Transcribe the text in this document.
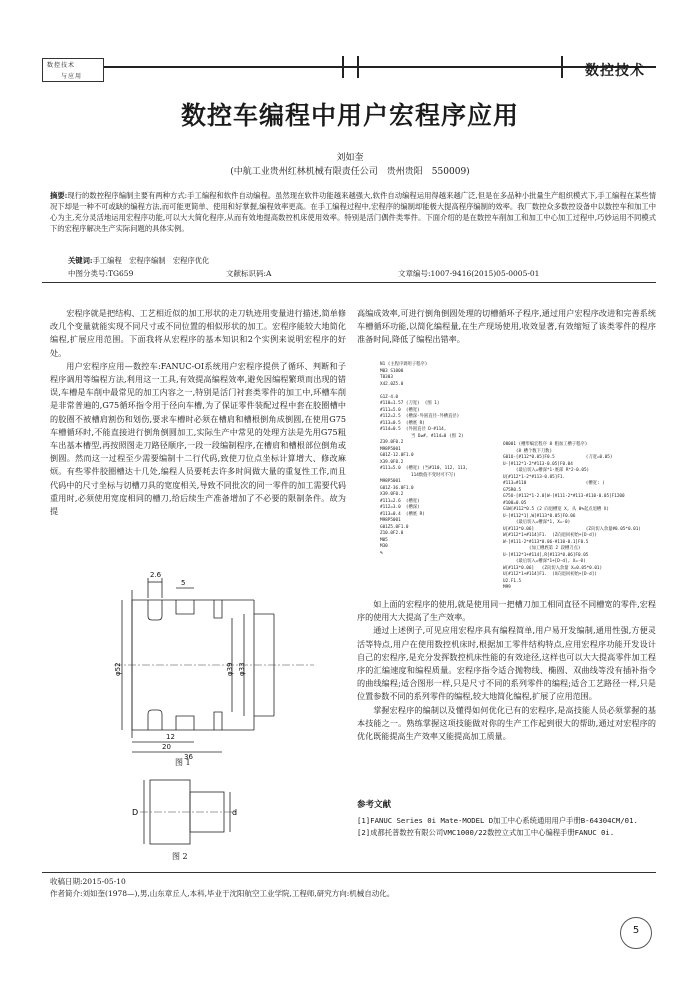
数控技术
与应用	数控技术
数控车编程中用户宏程序应用
刘如奎
(中航工业贵州红林机械有限责任公司　贵州贵阳　550009)
摘要:现行的数控程序编制主要有两种方式:手工编程和软件自动编程。虽然现在软件功能越来越强大,软件自动编程运用得越来越广泛,但是在多品种小批量生产组织模式下,手工编程在某些情况下却是一种不可或缺的编程方法,而可能更简单、使用和好掌握,编程效率更高。在手工编程过程中,宏程序的编制却能极大提高程序编制的效率。我厂数控众多数控设备中以数控车和加工中心为主,充分灵活地运用宏程序功能,可以大大简化程序,从而有效地提高数控机床使用效率。特别是活门偶件类零件。下面介绍的是在数控车削加工和加工中心加工过程中,巧妙运用不同模式下的宏程序解决生产实际问题的具体实例。
关键词:手工编程　宏程序编制　宏程序优化
中图分类号:TG659	文献标识码:A	文章编号:1007-9416(2015)05-0005-01

宏程序就是把结构、工艺相近似的加工形状的走刀轨迹用变量进行描述,简单修改几个变量就能实现不同尺寸或不同位置的相似形状的加工。宏程序能较大地简化编程,扩展应用范围。下面我将从宏程序的基本知识和2个实例来说明宏程序的好处。

用户宏程序应用—数控车:FANUC-OI系统用户宏程序提供了循环、判断和子程序调用等编程方法,利用这一工具,有效提高编程效率,避免因编程繁琐而出现的错误,车槽是车削中最常见的加工内容之一,特别是活门衬套类零件的加工中,环槽车削是非常普遍的,G75循环指令用于径向车槽,为了保证零件装配过程中套在胶圈槽中的胶圈不被槽肩割伤和划伤,要求车槽时必须在槽肩和槽根倒角成倒圆,在使用G75车槽循环时,不能直接进行倒角倒圆加工,实际生产中常见的处理方法是先用G75粗车出基本槽型,再按照图走刀路径顺序,一段一段编制程序,在槽肩和槽根部位倒角或倒圆。然而这一过程至少需要编制十二行代码,致使刀位点坐标计算增大、修改麻烦。有些零件胶圈槽达十几处,编程人员要耗去许多时间做大量的重复性工作,而且代码中的尺寸坐标与切槽刀具的宽度相关,导致不同批次的同一零件的加工需要代码重用时,必须使用宽度相同的槽刀,给后续生产准备增加了不必要的限制条件。故为提

2.6
5
12
20
36
φ52	φ39 φ33
图 1
D	d
图 2

高编成效率,可进行倒角倒圆处理的切槽循环子程序,通过用户宏程序改进和完善系统车槽循环功能,以简化编程量,在生产现场使用,收效显著,有效缩短了该类零件的程序准备时间,降低了编程出错率。

N1 (主程序调用子程序)
M03 S1000
T0303
X42.0Z5.0

G1Z-4.0
#110=1.57 (刀宽)  (图 1)
#111=5.0  (槽宽)
#112=2.5  (槽深-外圆直径-外槽直径)
#113=0.5  (槽底 R)
#114=0.5  (外圆直径 D-#114,
当 D≥#, #114=0 (图 2)
Z39.0F0.2
M98P5001
G01Z-12.0F1.0
X39.0F0.2
#111=5.0  (槽宽) (当#110, 112, 113,
114数值不变时可不写)
M98P5001
G01Z-36.0F1.0
X39.0F0.2
#111=2.6  (槽宽)
#112=3.0  (槽深)
#113=0.4  (槽底 R)
M98P5001
G01Z5.0F1.0
Z10.0F2.0
M05
M30
%
O8001 (槽形编宏程序 8 粗加工槽子程序)
(8 槽个数下刀数)
G01U-[#112*0.05]F0.5            (刀宽=0.05)
U-[#112*1-2*#113-0.05]F0.04
(最后切入=槽深*1-底部 R*2-0.05)
U[#112*1-2*#113-0.05]F1.
#113=#110                       (槽宽: )
G75R0.5
G75U-[#112*1-2.0]W-[#111-2*#113-#110-0.05]F1200
#100=0.05
G1W[#112*0.5 (2 向退槽宽 X, 从 0%起点退槽 X)
U-[#112*1],W[#113*0.05]F0.06
(最后切入=槽深*1, X=-0)
U[#113*0.06]                    (Z向切入余量#0.05*0.01)
W[#112*1+#114]F1.  (Z向退回初始+[D-d])
W-[#111-2*#113*0.06-#110-0.1]F0.5
(加工槽底第 2 段槽刀点)
U-[#112*1+#114],R[#113*0.06]F0.05
(最后切入=槽深*1+[D-d], X=-0)
W[#113*0.06]   (Z向切入余量 X=0.05*0.01)
U[#112*1+#114]F1.  (X向退回初始+[D-d])
U2.F1.5
M99

如上面的宏程序的使用,就是使用同一把槽刀加工相同直径不同槽宽的零件,宏程序的使用大大提高了生产效率。

通过上述例子,可见应用宏程序具有编程简单,用户易开发编制,通用性强,方便灵活等特点,用户在使用数控机床时,根据加工零件结构特点,应用宏程序功能开发设计自己的宏程序,是充分发挥数控机床性能的有效途径,这样也可以大大提高零件加工程序的汇编速度和编程质量。宏程序指令适合抛物线、椭圆、双曲线等没有插补指令的曲线编程;适合图形一样,只是尺寸不同的系列零件的编程;适合工艺路径一样,只是位置参数不同的系列零件的编程,较大地简化编程,扩展了应用范围。

掌握宏程序的编制以及懂得如何优化已有的宏程序,是高技能人员必须掌握的基本技能之一。熟练掌握这项技能做对你的生产工作起到很大的帮助,通过对宏程序的优化既能提高生产效率又能提高加工质量。

参考文献

[1]FANUC Series 0i Mate-MODEL D加工中心系统通用用户手册B-64304CM/01.

[2]成都托普数控有限公司VMC1000/22数控立式加工中心编程手册FANUC 0i.

收稿日期:2015-05-10
作者简介:刘如奎(1978—),男,山东章丘人,本科,毕业于沈阳航空工业学院,工程师,研究方向:机械自动化。
5
